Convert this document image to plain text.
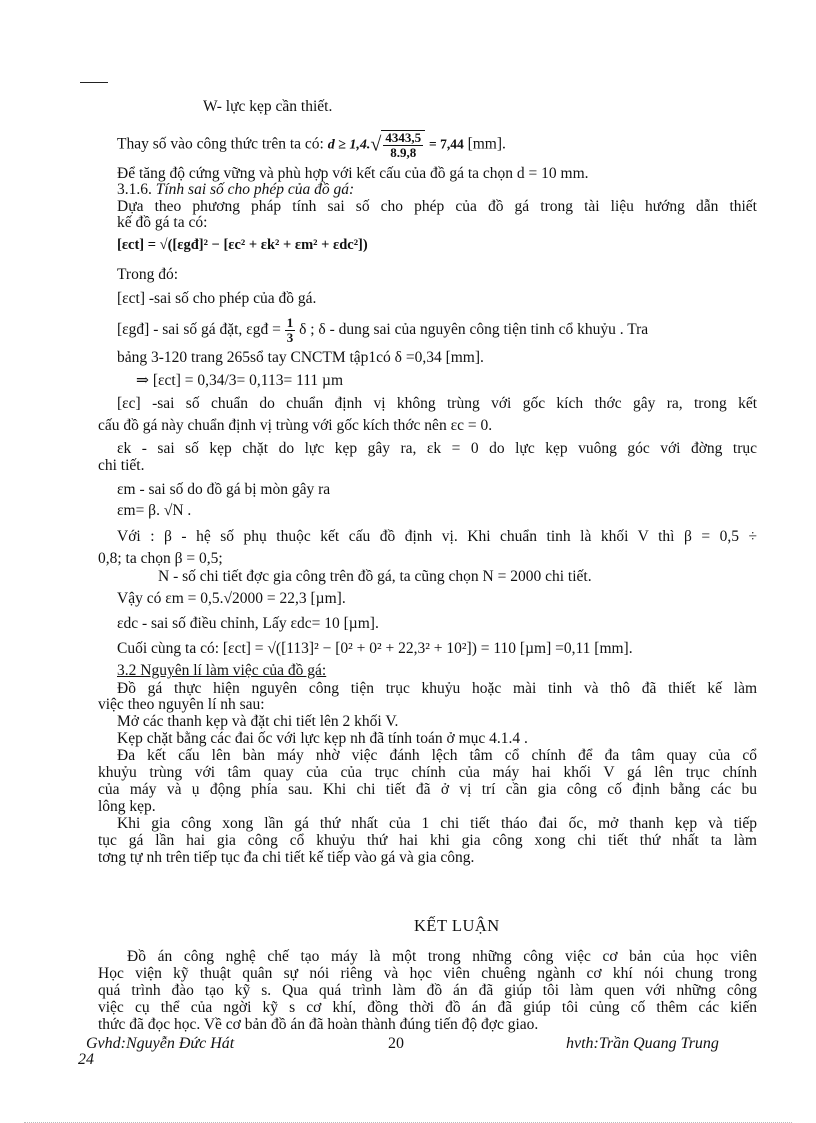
W- lực kẹp cần thiết.
Thay số vào công thức trên ta có: $d \ge 1,4.√ \frac{4343,5}{8.9,8} = 7,44$ [mm].
Để tăng độ cứng vững và phù hợp với kết cấu của đồ gá ta chọn d = 10 mm.
3.1.6. Tính sai số cho phép của đồ gá:
Dựa theo phương pháp tính sai số cho phép của đồ gá trong tài liệu hướng dẫn thiết
kế đồ gá ta có:
[εct] = √([εgđ]² − [εc² + εk² + εm² + εdc²])
Trong đó:
[εct] -sai số cho phép của đồ gá.
[εgđ] - sai số gá đặt, εgđ = $\frac{1}{3}$ δ ; δ - dung sai của nguyên công tiện tinh cổ khuỷu . Tra
bảng 3-120 trang 265sổ tay CNCTM tập1có δ =0,34 [mm].
⇒ [εct] = 0,34/3= 0,113= 111 µm
[εc] -sai số chuẩn do chuẩn định vị không trùng với gốc kích thớc gây ra, trong kết
cấu đồ gá này chuẩn định vị trùng với gốc kích thớc nên εc = 0.
εk - sai số kẹp chặt do lực kẹp gây ra, εk = 0 do lực kẹp vuông góc với đờng trục
chi tiết.
εm - sai số do đồ gá bị mòn gây ra
εm= β. √N .
Với : β - hệ số phụ thuộc kết cấu đồ định vị. Khi chuẩn tinh là khối V thì β = 0,5 ÷
0,8; ta chọn β = 0,5;
N - số chi tiết đợc gia công trên đồ gá, ta cũng chọn N = 2000 chi tiết.
Vậy có εm = 0,5.√2000 = 22,3 [µm].
εdc - sai số điều chỉnh, Lấy εdc= 10 [µm].
Cuối cùng ta có: [εct] = √([113]² − [0² + 0² + 22,3² + 10²]) = 110 [µm] =0,11 [mm].
3.2 Nguyên lí làm việc của đồ gá:
Đồ gá thực hiện nguyên công tiện trục khuỷu hoặc mài tinh và thô đã thiết kế làm
việc theo nguyên lí nh sau:
Mở các thanh kẹp và đặt chi tiết lên 2 khối V.
Kẹp chặt bằng các đai ốc với lực kẹp nh đã tính toán ở mục 4.1.4 .
Đa kết cấu lên bàn máy nhờ việc đánh lệch tâm cổ chính để đa tâm quay của cổ
khuỷu trùng với tâm quay của của trục chính của máy hai khối V gá lên trục chính
của máy và ụ động phía sau. Khi chi tiết đã ở vị trí cần gia công cố định bằng các bu
lông kẹp.
Khi gia công xong lần gá thứ nhất của 1 chi tiết tháo đai ốc, mở thanh kẹp và tiếp
tục gá lần hai gia công cổ khuỷu thứ hai khi gia công xong chi tiết thứ nhất ta làm
tơng tự nh trên tiếp tục đa chi tiết kế tiếp vào gá và gia công.
KẾT LUẬN
Đồ án công nghệ chế tạo máy là một trong những công việc cơ bản của học viên
Học viện kỹ thuật quân sự nói riêng và học viên chuêng ngành cơ khí nói chung trong
quá trình đào tạo kỹ s. Qua quá trình làm đồ án đã giúp tôi làm quen với những công
việc cụ thể của ngời kỹ s cơ khí, đồng thời đồ án đã giúp tôi củng cố thêm các kiến
thức đã đọc học. Về cơ bản đồ án đã hoàn thành đúng tiến độ đợc giao.
Gvhd:Nguyễn Đức Hát	20	hvth:Trần Quang Trung
24
